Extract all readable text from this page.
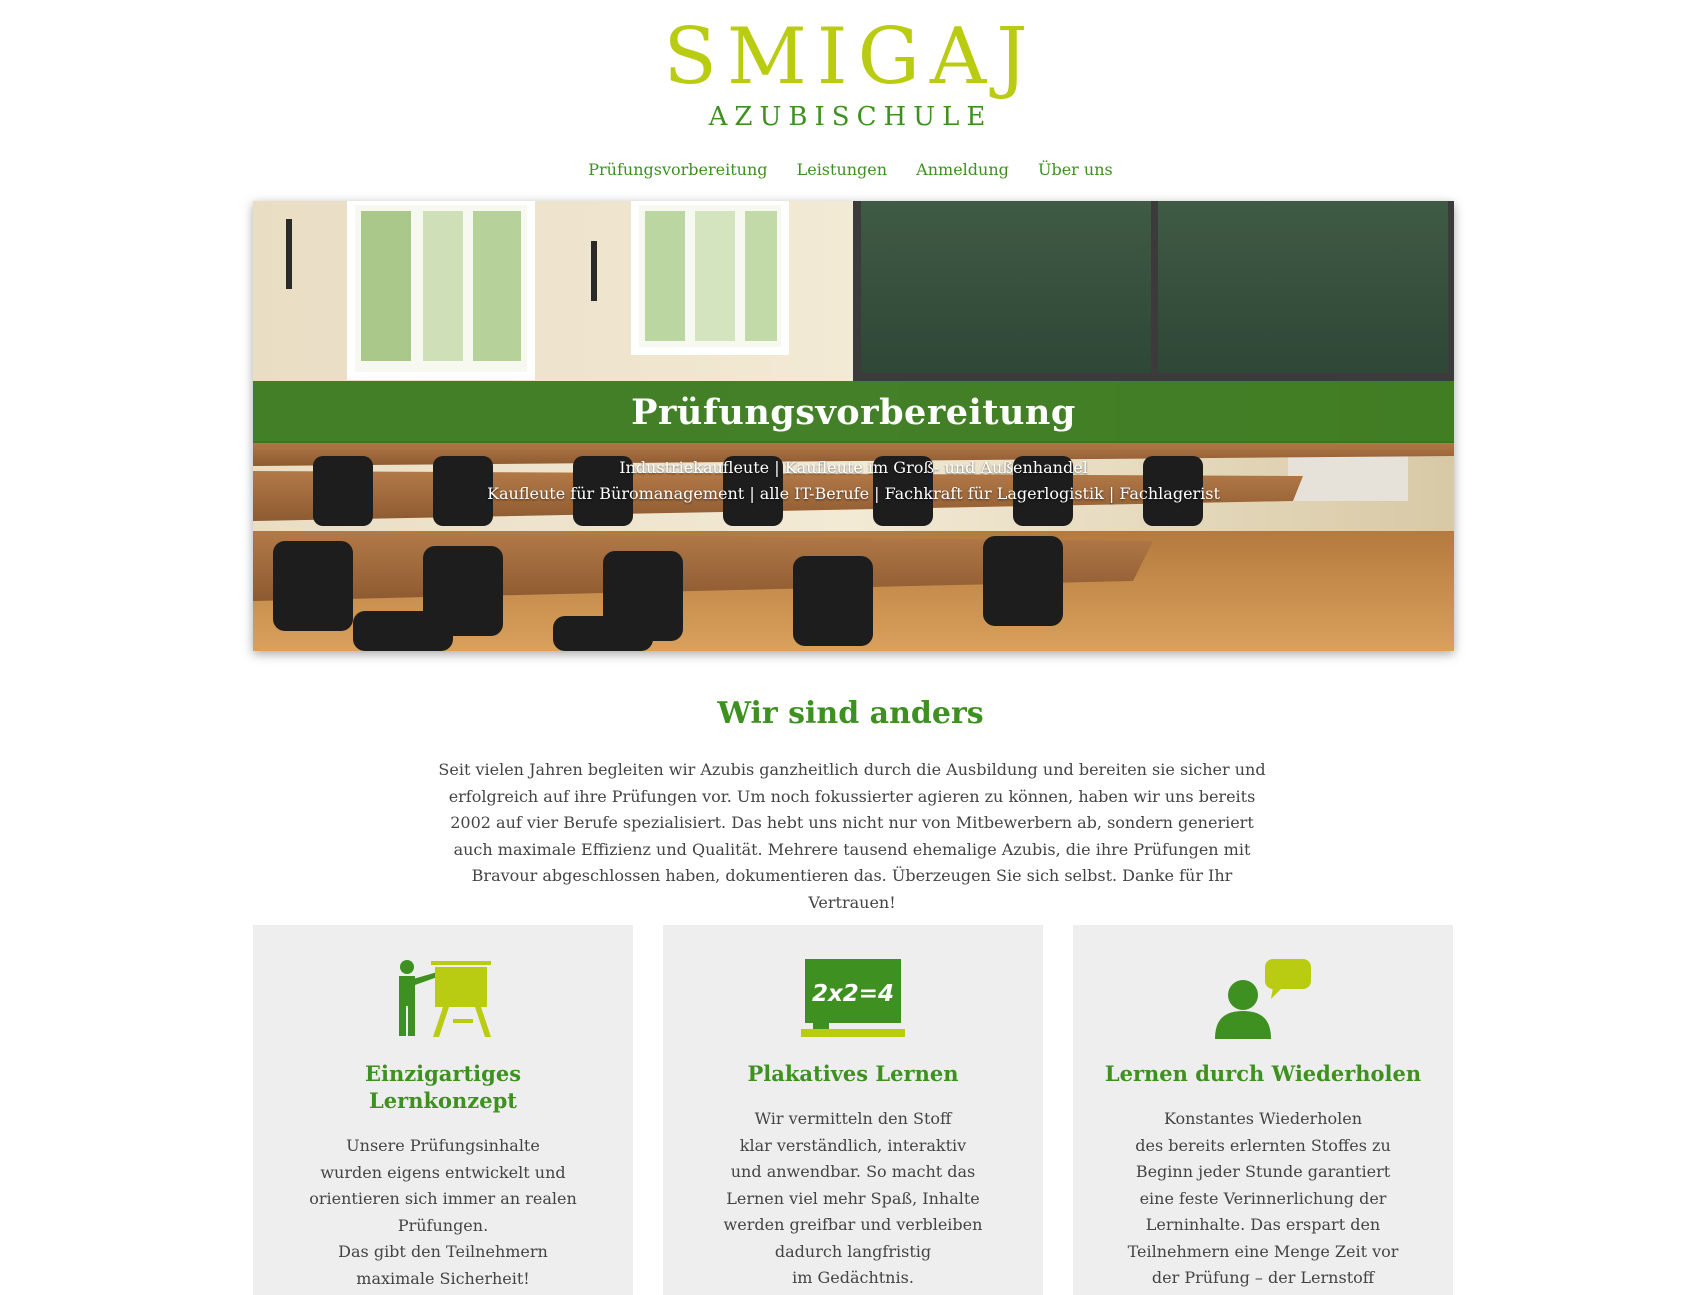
SMIGAJ
AZUBISCHULE
Prüfungsvorbereitung Leistungen Anmeldung Über uns
Prüfungsvorbereitung
Industriekaufleute | Kaufleute im Groß- und Außenhandel
Kaufleute für Büromanagement | alle IT-Berufe | Fachkraft für Lagerlogistik | Fachlagerist
Wir sind anders
Seit vielen Jahren begleiten wir Azubis ganzheitlich durch die Ausbildung und bereiten sie sicher und erfolgreich auf ihre Prüfungen vor. Um noch fokussierter agieren zu können, haben wir uns bereits 2002 auf vier Berufe spezialisiert. Das hebt uns nicht nur von Mitbewerbern ab, sondern generiert auch maximale Effizienz und Qualität. Mehrere tausend ehemalige Azubis, die ihre Prüfungen mit Bravour abgeschlossen haben, dokumentieren das. Überzeugen Sie sich selbst. Danke für Ihr Vertrauen!
Einzigartiges
Lernkonzept
Unsere Prüfungsinhalte
wurden eigens entwickelt und
orientieren sich immer an realen
Prüfungen.
Das gibt den Teilnehmern
maximale Sicherheit!
2x2=4
Plakatives Lernen
Wir vermitteln den Stoff
klar verständlich, interaktiv
und anwendbar. So macht das
Lernen viel mehr Spaß, Inhalte
werden greifbar und verbleiben
dadurch langfristig
im Gedächtnis.
Lernen durch Wiederholen
Konstantes Wiederholen
des bereits erlernten Stoffes zu
Beginn jeder Stunde garantiert
eine feste Verinnerlichung der
Lerninhalte. Das erspart den
Teilnehmern eine Menge Zeit vor
der Prüfung – der Lernstoff
